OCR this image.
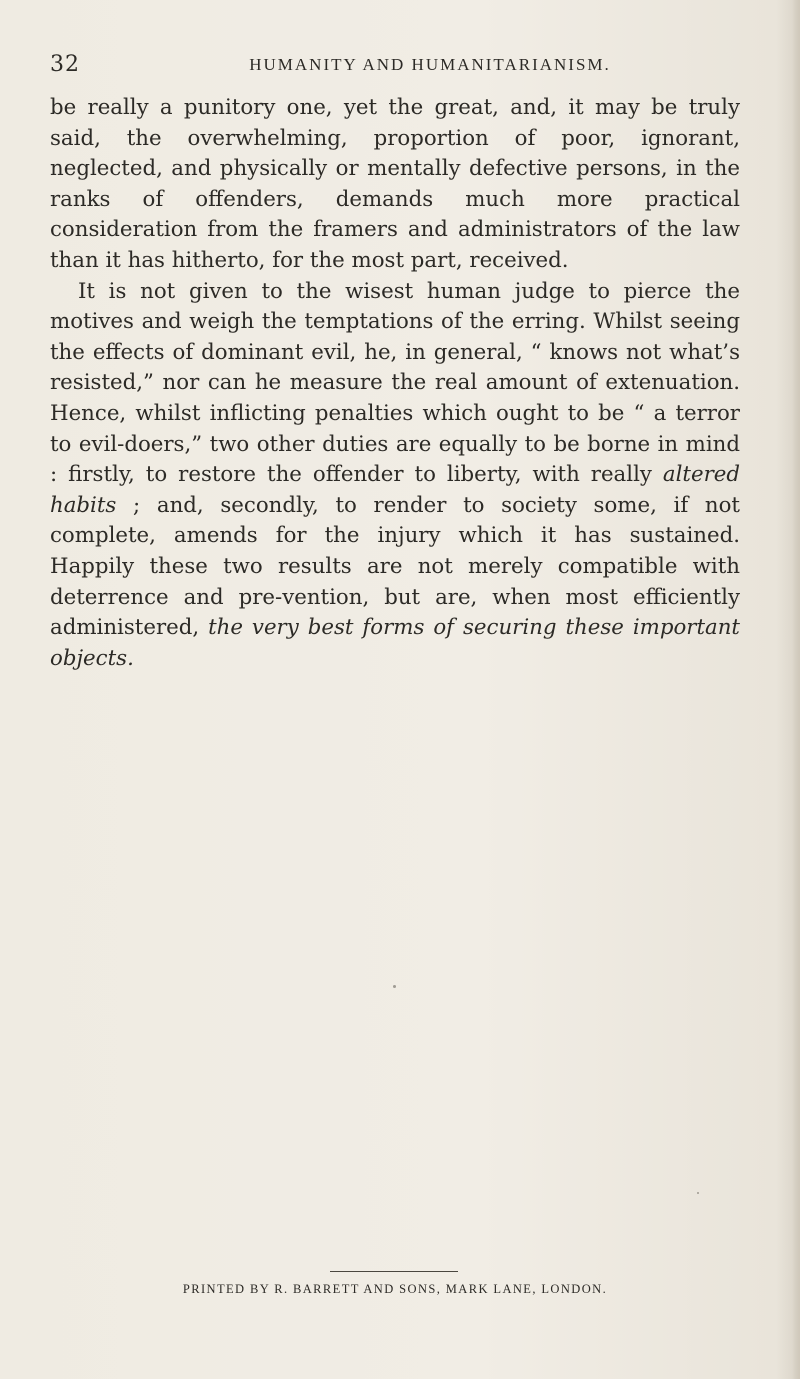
32	HUMANITY AND HUMANITARIANISM.

be really a punitory one, yet the great, and, it may be truly said, the overwhelming, proportion of poor, ignorant, neglected, and physically or mentally defective persons, in the ranks of offenders, demands much more practical consideration from the framers and administrators of the law than it has hitherto, for the most part, received.

It is not given to the wisest human judge to pierce the motives and weigh the temptations of the erring. Whilst seeing the effects of dominant evil, he, in general, “ knows not what’s resisted,” nor can he measure the real amount of extenuation. Hence, whilst inflicting penalties which ought to be “ a terror to evil-doers,” two other duties are equally to be borne in mind : firstly, to restore the offender to liberty, with really altered habits ; and, secondly, to render to society some, if not complete, amends for the injury which it has sustained. Happily these two results are not merely compatible with deterrence and pre-vention, but are, when most efficiently administered, the very best forms of securing these important objects.

PRINTED BY R. BARRETT AND SONS, MARK LANE, LONDON.
